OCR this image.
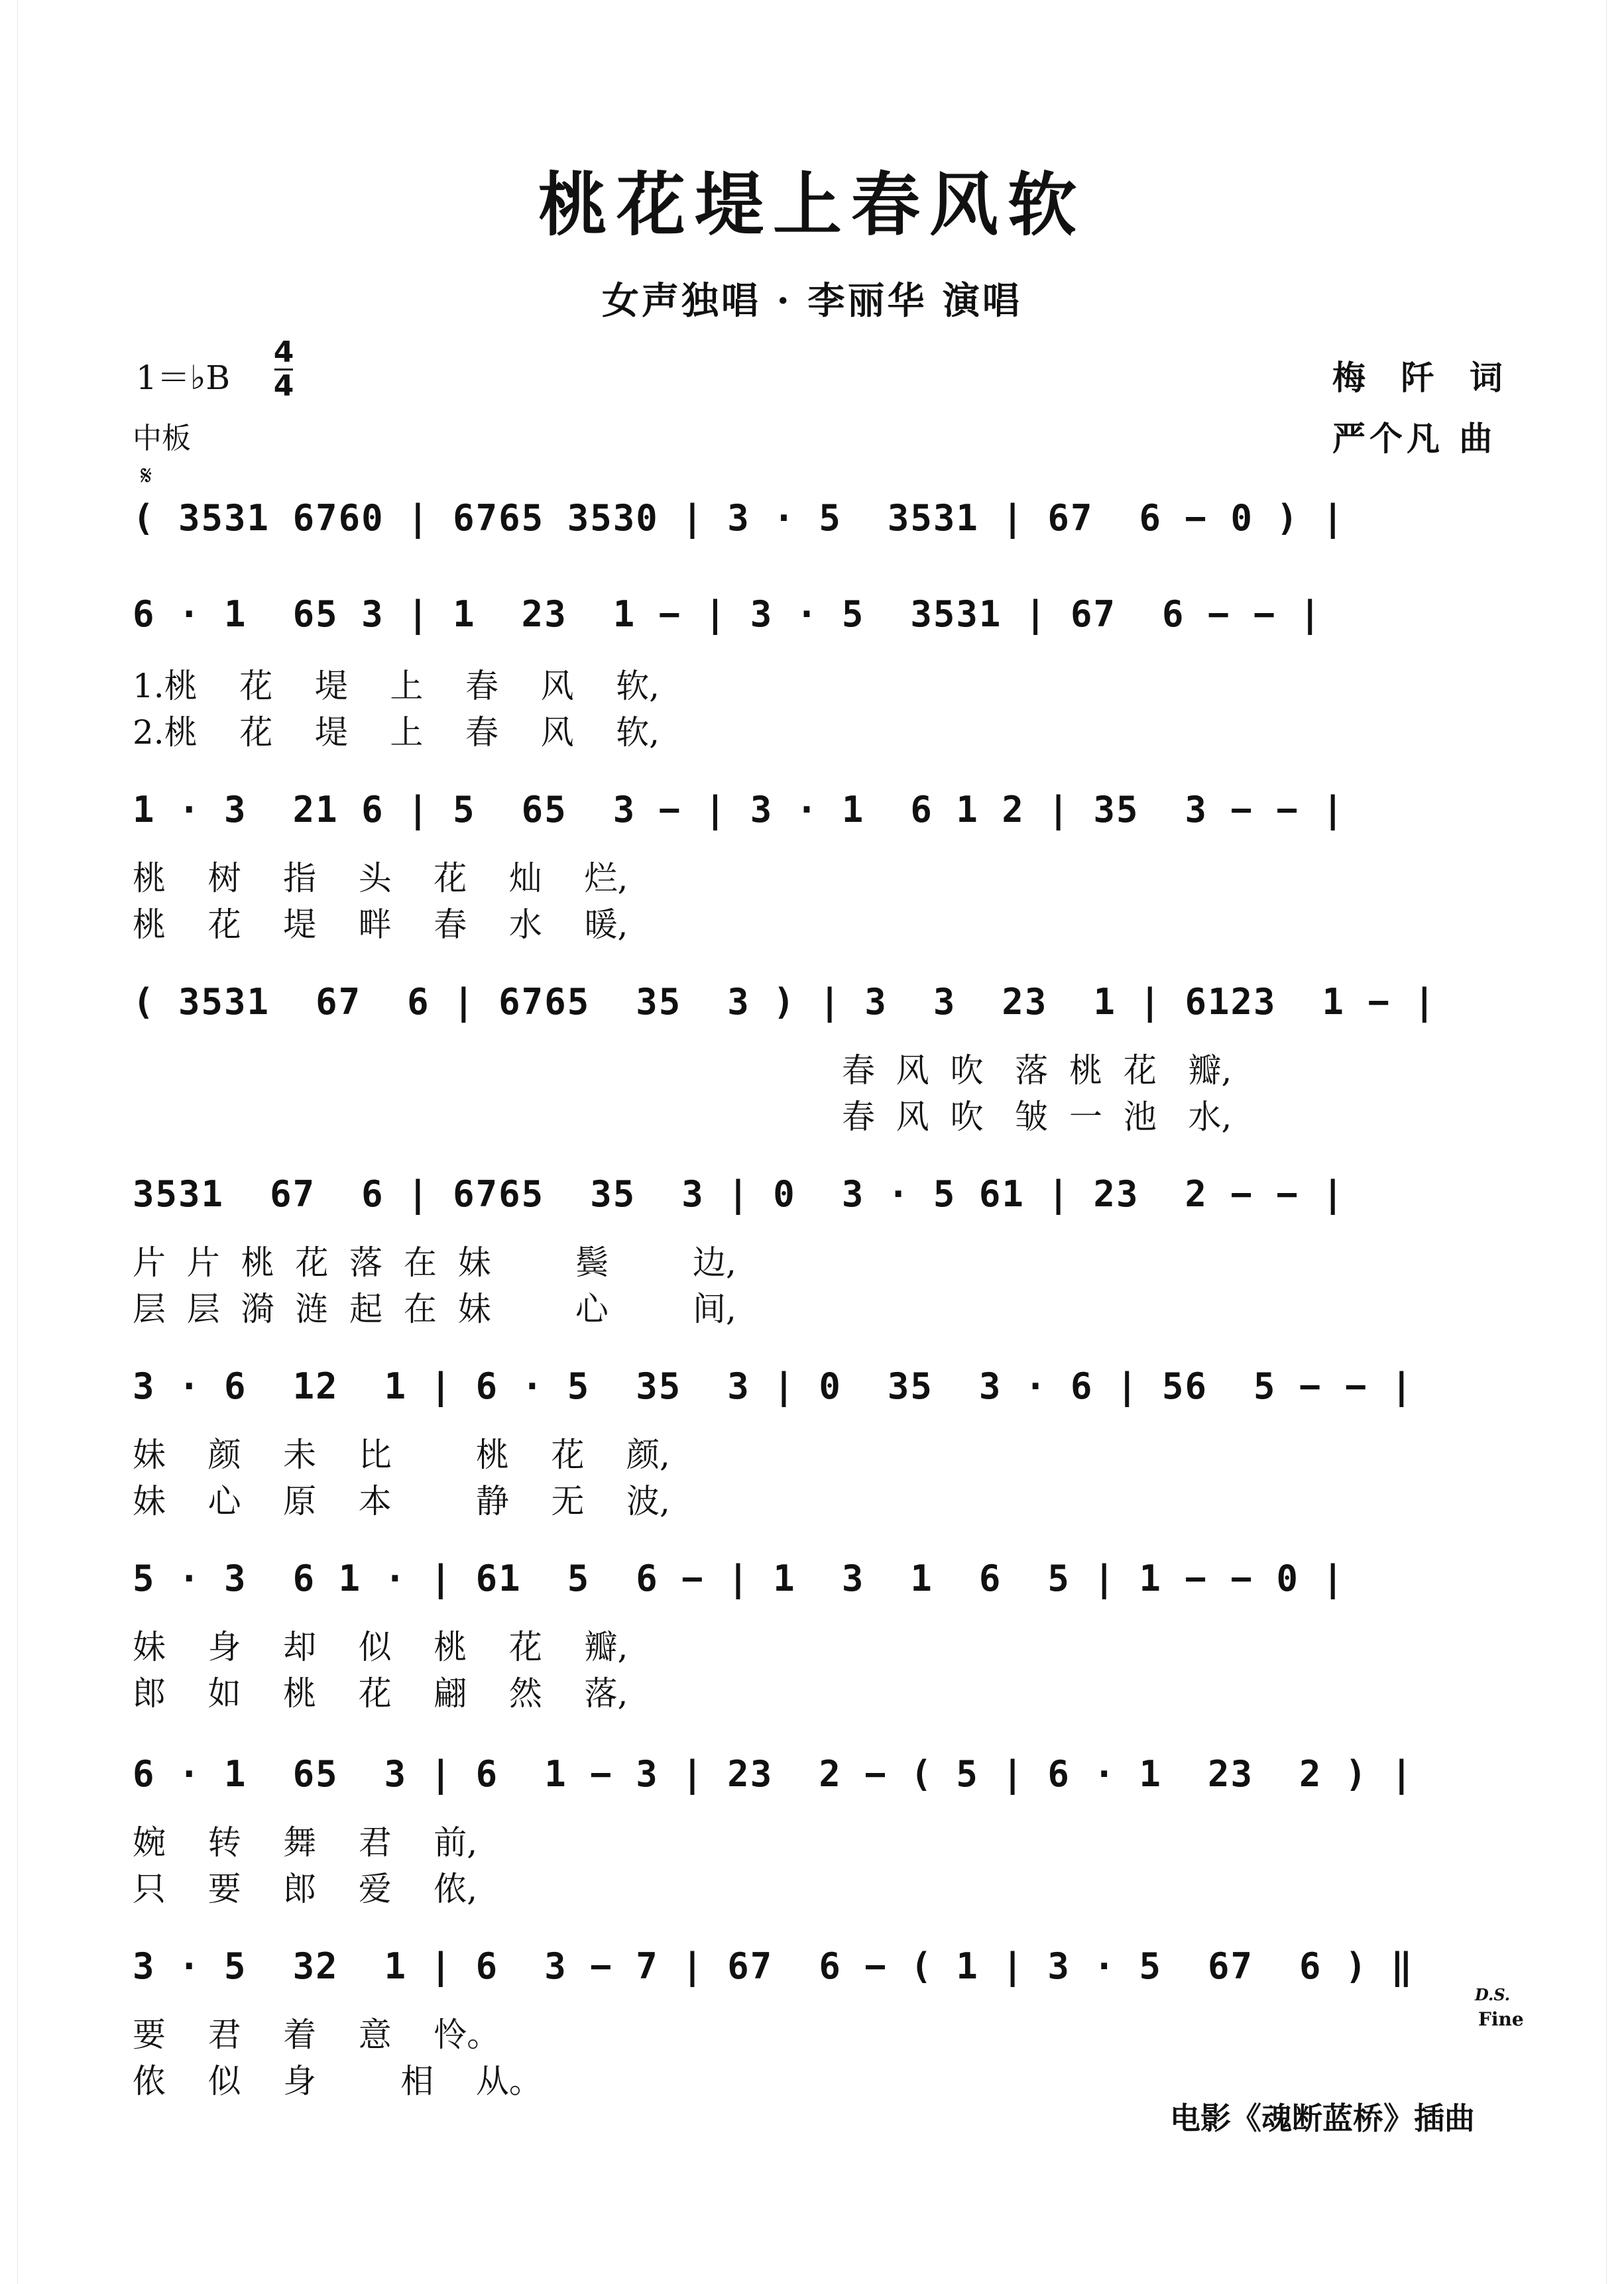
桃花堤上春风软
女声独唱 · 李丽华 演唱
1＝♭B
4
4
中板
梅 阡 词
严个凡 曲
𝄋
( 3531 6760 | 6765 3530 | 3 · 5  3531 | 67  6 − 0 ) |
6 · 1  65 3 | 1  23  1 − | 3 · 5  3531 | 67  6 − − |
1.桃    花    堤    上    春    风    软,
2.桃    花    堤    上    春    风    软,
1 · 3  21 6 | 5  65  3 − | 3 · 1  6 1 2 | 35  3 − − |
桃    树    指    头    花    灿    烂,
桃    花    堤    畔    春    水    暖,
( 3531  67  6 | 6765  35  3 ) | 3  3  23  1 | 6123  1 − |
春  风  吹   落  桃  花   瓣,
春  风  吹   皱  一  池   水,
3531  67  6 | 6765  35  3 | 0  3 · 5 61 | 23  2 − − |
片  片  桃  花  落  在  妹        鬓        边,
层  层  漪  涟  起  在  妹        心        间,
3 · 6  12  1 | 6 · 5  35  3 | 0  35  3 · 6 | 56  5 − − |
妹    颜    未    比        桃    花    颜,
妹    心    原    本        静    无    波,
5 · 3  6 1 · | 61  5  6 − | 1  3  1  6  5 | 1 − − 0 |
妹    身    却    似    桃    花    瓣,
郎    如    桃    花    翩    然    落,
6 · 1  65  3 | 6  1 − 3 | 23  2 − ( 5 | 6 · 1  23  2 ) |
婉    转    舞    君    前,
只    要    郎    爱    侬,
3 · 5  32  1 | 6  3 − 7 | 67  6 − ( 1 | 3 · 5  67  6 ) ‖
要    君    着    意    怜。
侬    似    身        相    从。
D.S.
Fine
电影《魂断蓝桥》插曲
